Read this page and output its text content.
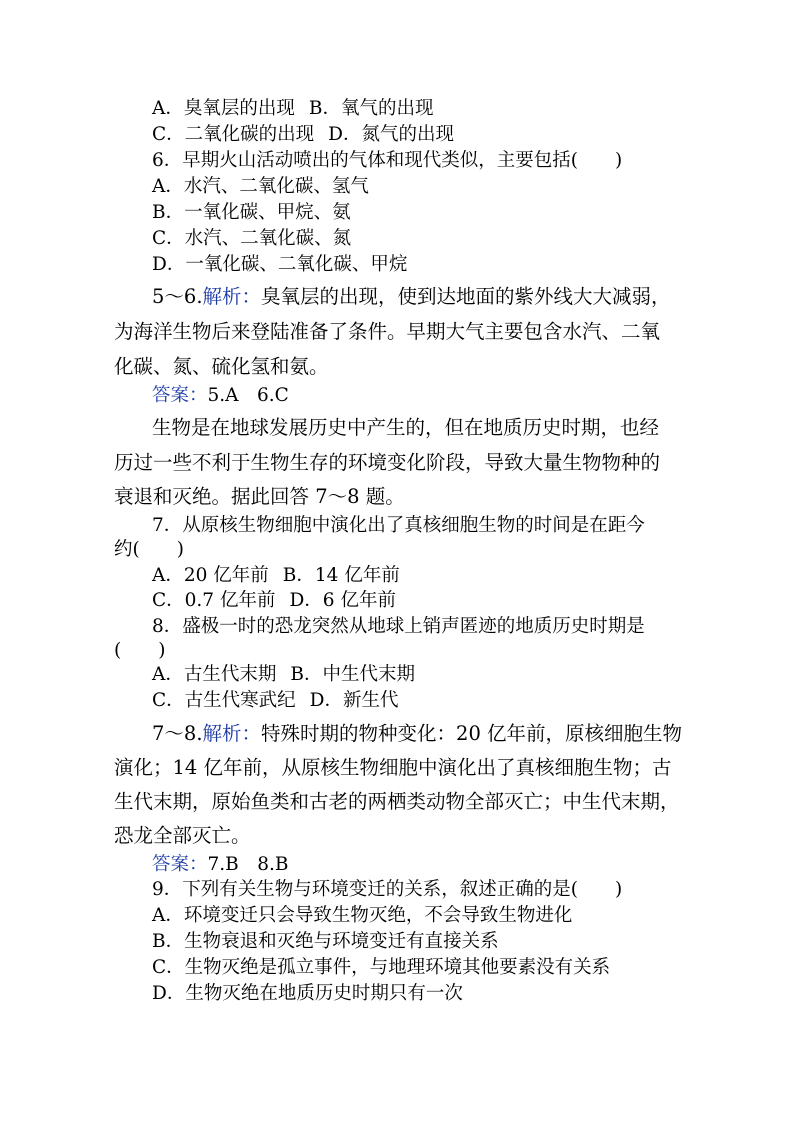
A．臭氧层的出现 B．氧气的出现
C．二氧化碳的出现 D．氮气的出现
6．早期火山活动喷出的气体和现代类似，主要包括(　　)
A．水汽、二氧化碳、氢气
B．一氧化碳、甲烷、氨
C．水汽、二氧化碳、氮
D．一氧化碳、二氧化碳、甲烷
5～6.解析：臭氧层的出现，使到达地面的紫外线大大减弱，
为海洋生物后来登陆准备了条件。早期大气主要包含水汽、二氧
化碳、氮、硫化氢和氨。
答案：5.A　6.C
生物是在地球发展历史中产生的，但在地质历史时期，也经
历过一些不利于生物生存的环境变化阶段，导致大量生物物种的
衰退和灭绝。据此回答 7～8 题。
7．从原核生物细胞中演化出了真核细胞生物的时间是在距今
约(　　)
A．20 亿年前 B．14 亿年前
C．0.7 亿年前 D．6 亿年前
8．盛极一时的恐龙突然从地球上销声匿迹的地质历史时期是
(　　)
A．古生代末期 B．中生代末期
C．古生代寒武纪 D．新生代
7～8.解析：特殊时期的物种变化：20 亿年前，原核细胞生物
演化；14 亿年前，从原核生物细胞中演化出了真核细胞生物；古
生代末期，原始鱼类和古老的两栖类动物全部灭亡；中生代末期，
恐龙全部灭亡。
答案：7.B　8.B
9．下列有关生物与环境变迁的关系，叙述正确的是(　　)
A．环境变迁只会导致生物灭绝，不会导致生物进化
B．生物衰退和灭绝与环境变迁有直接关系
C．生物灭绝是孤立事件，与地理环境其他要素没有关系
D．生物灭绝在地质历史时期只有一次
